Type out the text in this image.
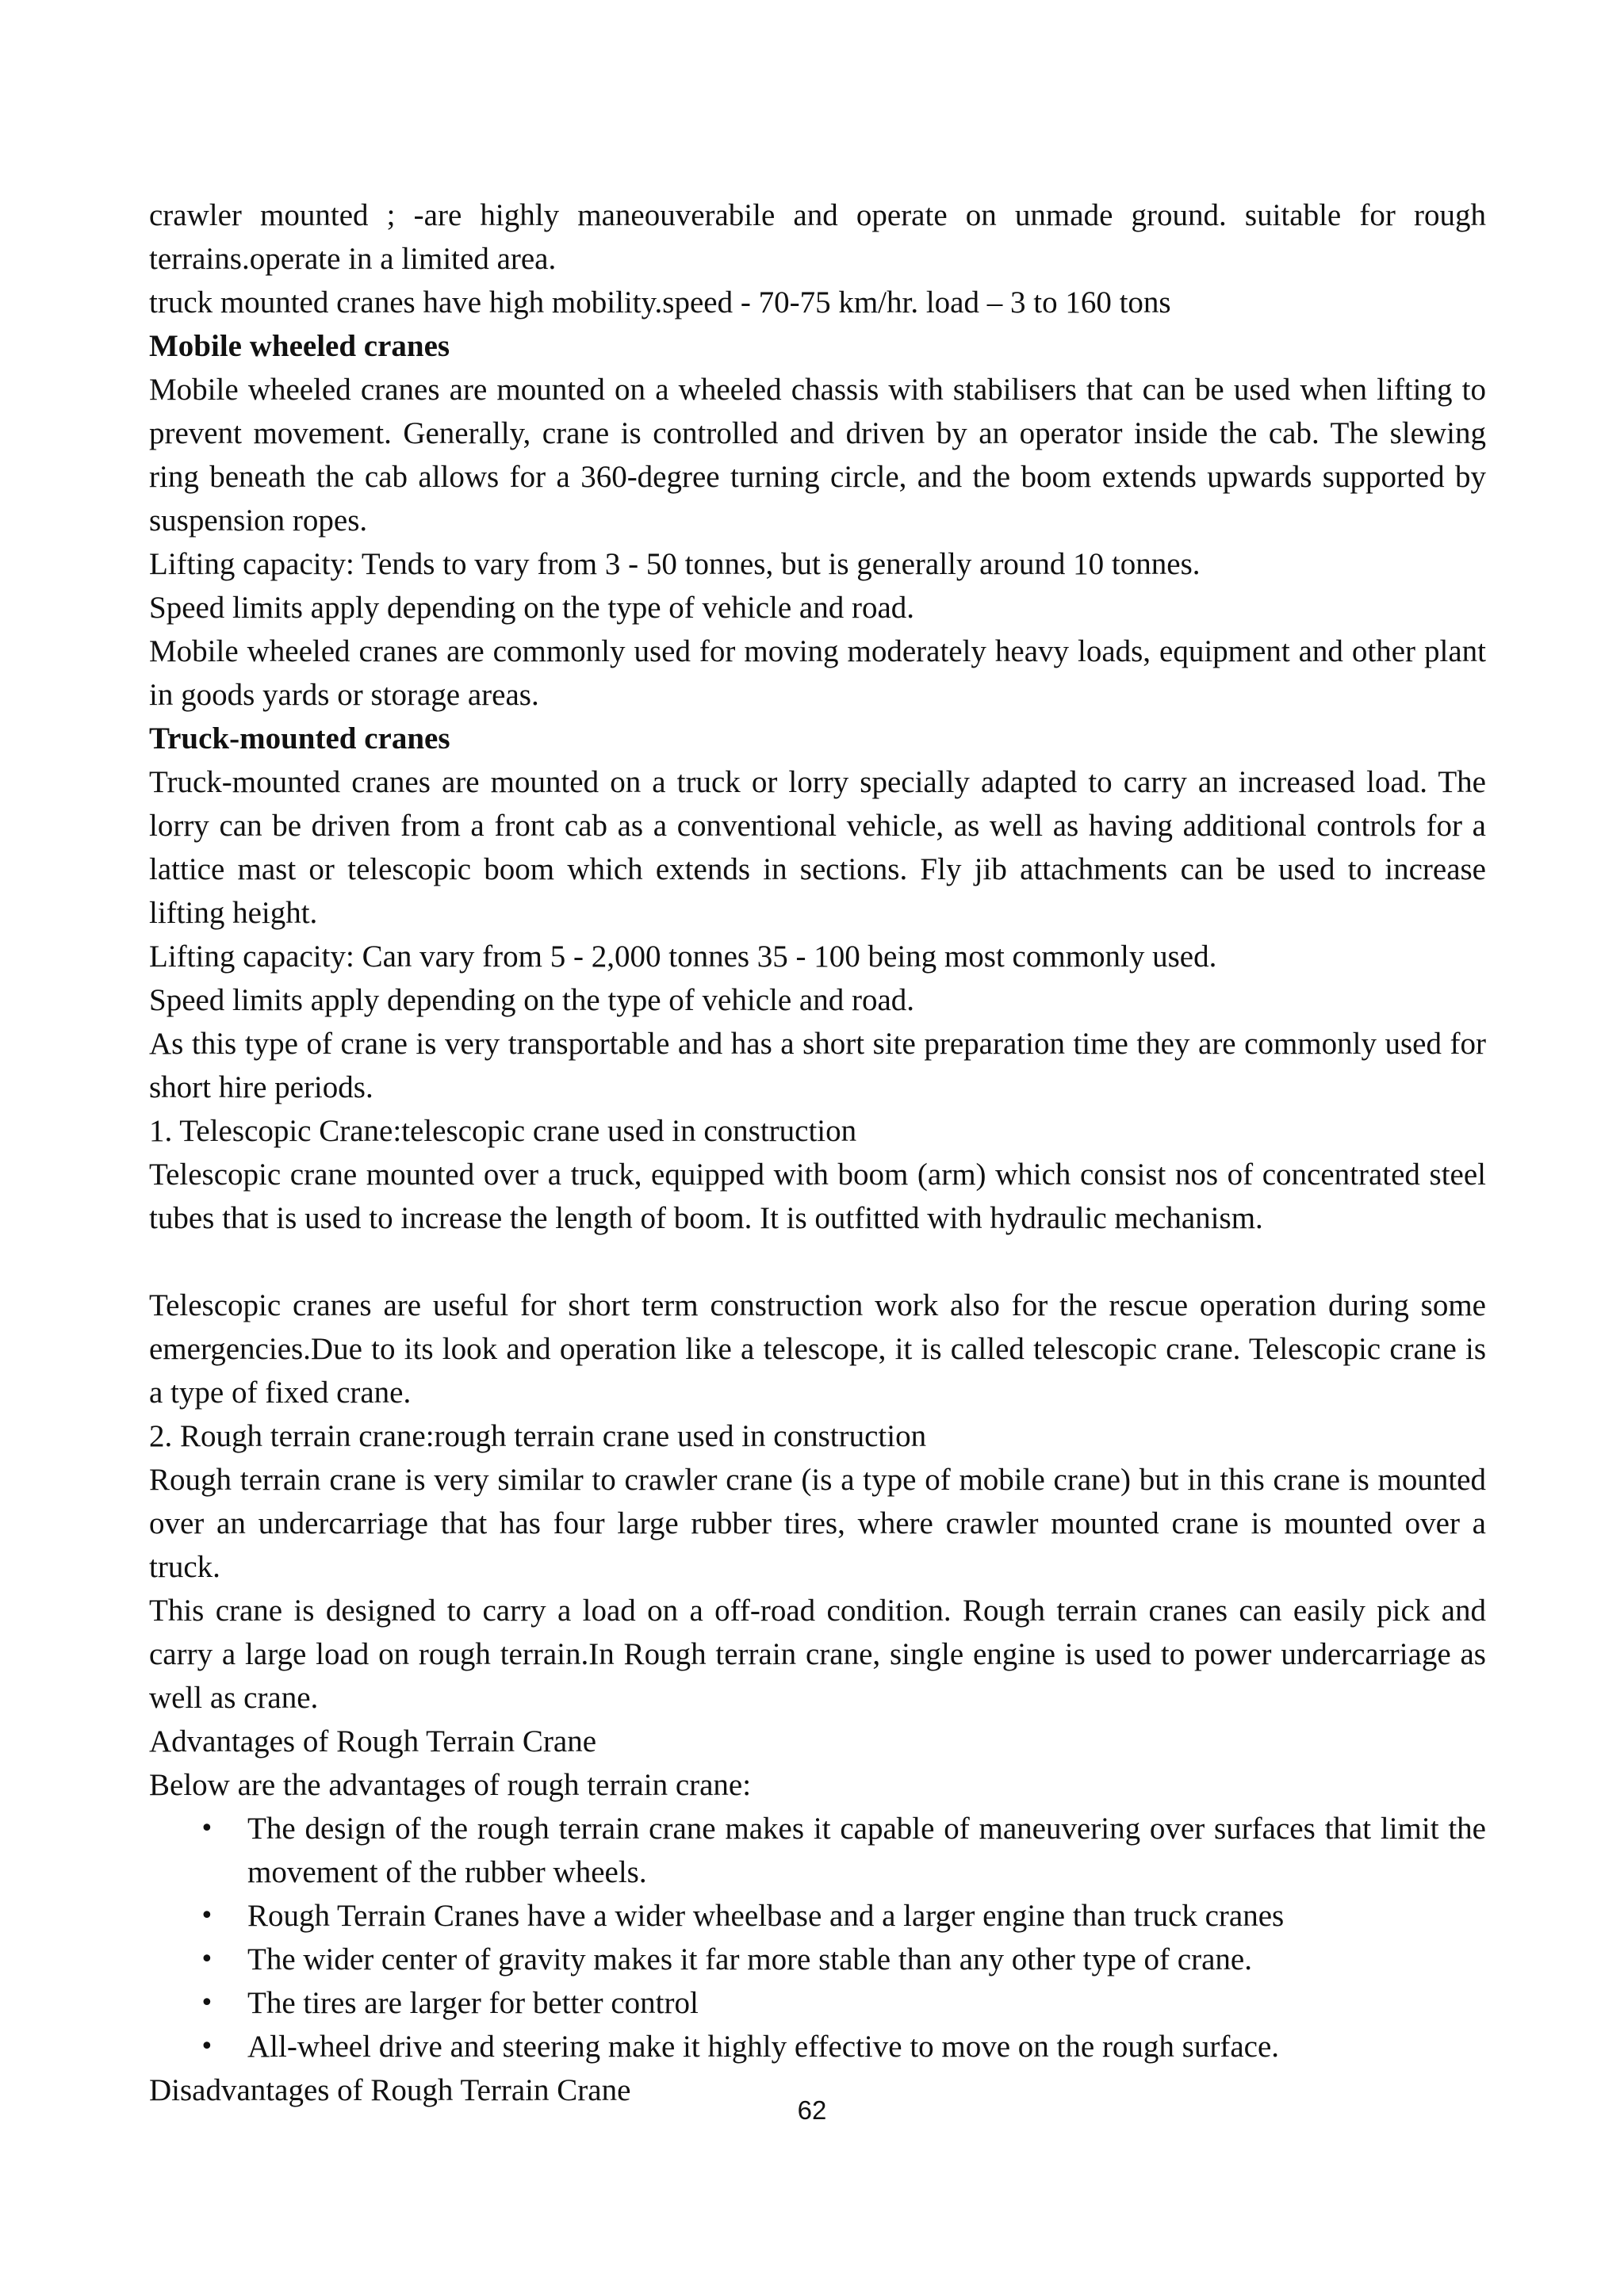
crawler mounted ; -are highly maneouverabile and operate on unmade ground. suitable for rough terrains.operate in a limited area.

truck mounted cranes have high mobility.speed - 70-75 km/hr. load – 3 to 160 tons

Mobile wheeled cranes

Mobile wheeled cranes are mounted on a wheeled chassis with stabilisers that can be used when lifting to prevent movement. Generally, crane is controlled and driven by an operator inside the cab. The slewing ring beneath the cab allows for a 360-degree turning circle, and the boom extends upwards supported by suspension ropes.

Lifting capacity: Tends to vary from 3 - 50 tonnes, but is generally around 10 tonnes.

Speed limits apply depending on the type of vehicle and road.

Mobile wheeled cranes are commonly used for moving moderately heavy loads, equipment and other plant in goods yards or storage areas.

Truck-mounted cranes

Truck-mounted cranes are mounted on a truck or lorry specially adapted to carry an increased load. The lorry can be driven from a front cab as a conventional vehicle, as well as having additional controls for a lattice mast or telescopic boom which extends in sections. Fly jib attachments can be used to increase lifting height.

Lifting capacity: Can vary from 5 - 2,000 tonnes 35 - 100 being most commonly used.

Speed limits apply depending on the type of vehicle and road.

As this type of crane is very transportable and has a short site preparation time they are commonly used for short hire periods.

1. Telescopic Crane:telescopic crane used in construction

Telescopic crane mounted over a truck, equipped with boom (arm) which consist nos of concentrated steel tubes that is used to increase the length of boom. It is outfitted with hydraulic mechanism.

Telescopic cranes are useful for short term construction work also for the rescue operation during some emergencies.Due to its look and operation like a telescope, it is called telescopic crane. Telescopic crane is a type of fixed crane.

2. Rough terrain crane:rough terrain crane used in construction

Rough terrain crane is very similar to crawler crane (is a type of mobile crane) but in this crane is mounted over an undercarriage that has four large rubber tires, where crawler mounted crane is mounted over a truck.

This crane is designed to carry a load on a off-road condition. Rough terrain cranes can easily pick and carry a large load on rough terrain.In Rough terrain crane, single engine is used to power undercarriage as well as crane.

Advantages of Rough Terrain Crane

Below are the advantages of rough terrain crane:

• The design of the rough terrain crane makes it capable of maneuvering over surfaces that limit the movement of the rubber wheels.
• Rough Terrain Cranes have a wider wheelbase and a larger engine than truck cranes
• The wider center of gravity makes it far more stable than any other type of crane.
• The tires are larger for better control
• All-wheel drive and steering make it highly effective to move on the rough surface.

Disadvantages of Rough Terrain Crane

62
